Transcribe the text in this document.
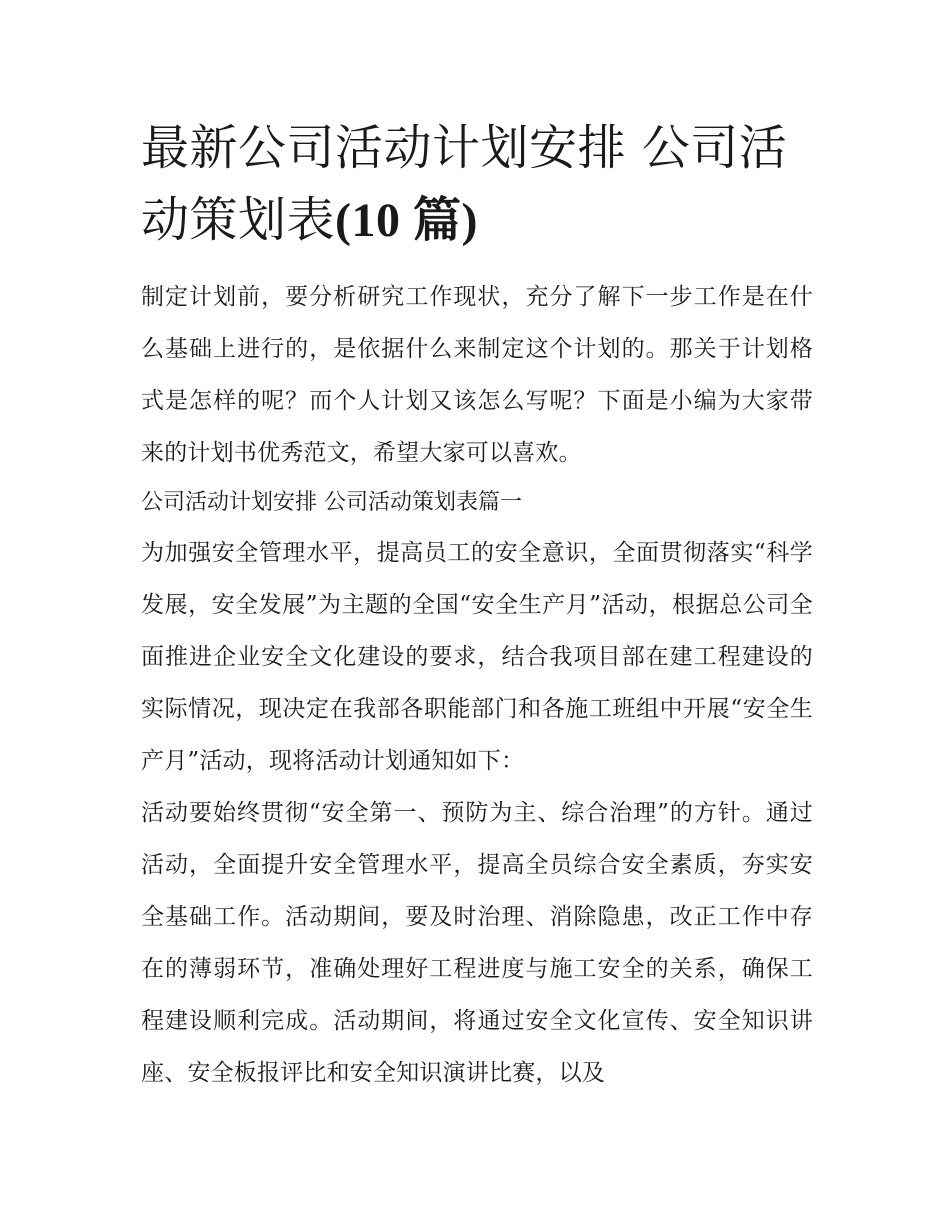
最新公司活动计划安排 公司活动策划表(10 篇)

制定计划前，要分析研究工作现状，充分了解下一步工作是在什么基础上进行的，是依据什么来制定这个计划的。那关于计划格式是怎样的呢？而个人计划又该怎么写呢？下面是小编为大家带来的计划书优秀范文，希望大家可以喜欢。

公司活动计划安排 公司活动策划表篇一

为加强安全管理水平，提高员工的安全意识，全面贯彻落实“科学发展，安全发展”为主题的全国“安全生产月”活动，根据总公司全面推进企业安全文化建设的要求，结合我项目部在建工程建设的实际情况，现决定在我部各职能部门和各施工班组中开展“安全生产月”活动，现将活动计划通知如下：

活动要始终贯彻“安全第一、预防为主、综合治理”的方针。通过活动，全面提升安全管理水平，提高全员综合安全素质，夯实安全基础工作。活动期间，要及时治理、消除隐患，改正工作中存在的薄弱环节，准确处理好工程进度与施工安全的关系，确保工程建设顺利完成。活动期间，将通过安全文化宣传、安全知识讲座、安全板报评比和安全知识演讲比赛，以及
